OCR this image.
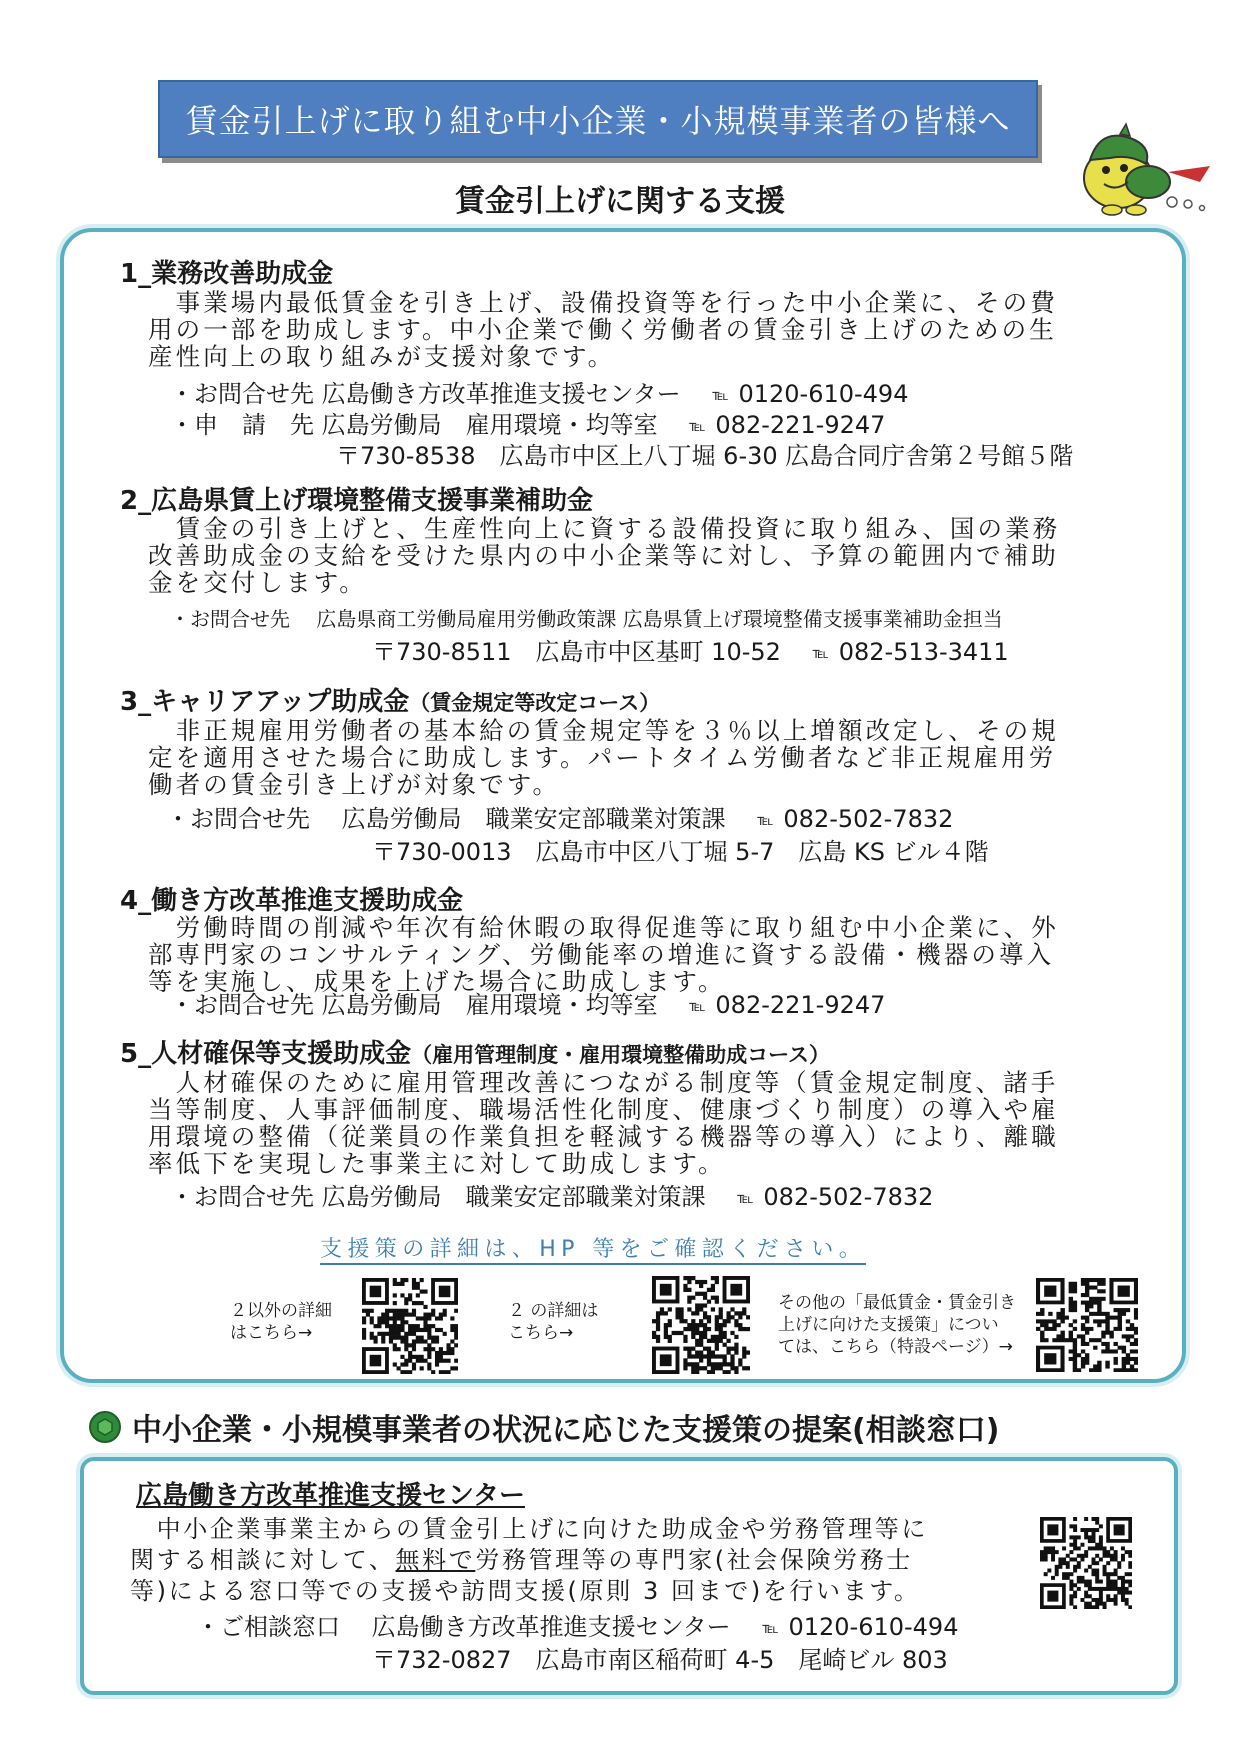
賃金引上げに取り組む中小企業・小規模事業者の皆様へ
賃金引上げに関する支援
1_業務改善助成金
　事業場内最低賃金を引き上げ、設備投資等を行った中小企業に、その費
用の一部を助成します。中小企業で働く労働者の賃金引き上げのための生
産性向上の取り組みが支援対象です。
・お問合せ先 広島働き方改革推進支援センター　 ℡ 0120-610-494
・申　請　先 広島労働局　雇用環境・均等室　 ℡ 082-221-9247
〒730-8538　広島市中区上八丁堀 6-30 広島合同庁舎第２号館５階
2_広島県賃上げ環境整備支援事業補助金
　賃金の引き上げと、生産性向上に資する設備投資に取り組み、国の業務
改善助成金の支給を受けた県内の中小企業等に対し、予算の範囲内で補助
金を交付します。
・お問合せ先　 広島県商工労働局雇用労働政策課 広島県賃上げ環境整備支援事業補助金担当
〒730-8511　広島市中区基町 10-52　 ℡ 082-513-3411
3_キャリアアップ助成金（賃金規定等改定コース）
　非正規雇用労働者の基本給の賃金規定等を３％以上増額改定し、その規
定を適用させた場合に助成します。パートタイム労働者など非正規雇用労
働者の賃金引き上げが対象です。
・お問合せ先　 広島労働局　職業安定部職業対策課　 ℡ 082-502-7832
〒730-0013　広島市中区八丁堀 5-7　広島 KS ビル４階
4_働き方改革推進支援助成金
　労働時間の削減や年次有給休暇の取得促進等に取り組む中小企業に、外
部専門家のコンサルティング、労働能率の増進に資する設備・機器の導入
等を実施し、成果を上げた場合に助成します。
・お問合せ先 広島労働局　雇用環境・均等室　 ℡ 082-221-9247
5_人材確保等支援助成金（雇用管理制度・雇用環境整備助成コース）
　人材確保のために雇用管理改善につながる制度等（賃金規定制度、諸手
当等制度、人事評価制度、職場活性化制度、健康づくり制度）の導入や雇
用環境の整備（従業員の作業負担を軽減する機器等の導入）により、離職
率低下を実現した事業主に対して助成します。
・お問合せ先 広島労働局　職業安定部職業対策課　 ℡ 082-502-7832
支援策の詳細は、HP 等をご確認ください。
２以外の詳細
はこちら→
２ の詳細は
こちら→
その他の「最低賃金・賃金引き
上げに向けた支援策」につい
ては、こちら（特設ページ）→
中小企業・小規模事業者の状況に応じた支援策の提案(相談窓口)
広島働き方改革推進支援センター
　中小企業事業主からの賃金引上げに向けた助成金や労務管理等に
関する相談に対して、無料で労務管理等の専門家(社会保険労務士
等)による窓口等での支援や訪問支援(原則 3 回まで)を行います。
・ご相談窓口　 広島働き方改革推進支援センター　 ℡ 0120-610-494
〒732-0827　広島市南区稲荷町 4-5　尾崎ビル 803
